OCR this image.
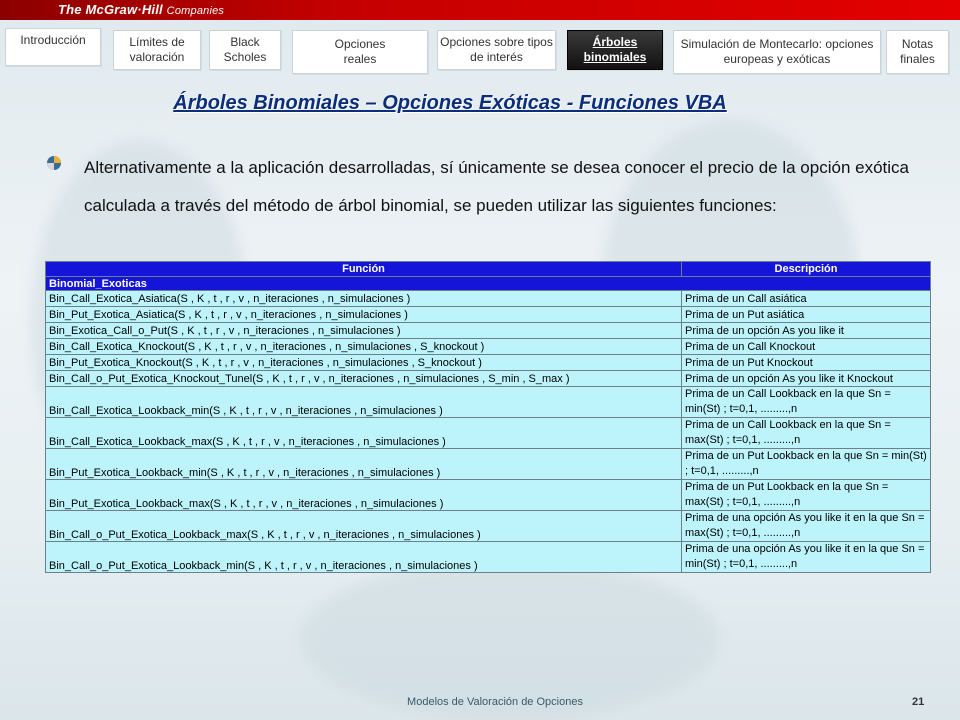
The McGraw·Hill Companies
Introducción	Límites de valoración
Black Scholes
Opciones reales
Opciones sobre tipos de interés
Árboles binomiales
Simulación de Montecarlo: opciones europeas y exóticas
Notas finales
Árboles Binomiales – Opciones Exóticas - Funciones VBA
Alternativamente a la aplicación desarrolladas, sí únicamente se desea conocer el precio de la opción exótica calculada a través del método de árbol binomial, se pueden utilizar las siguientes funciones:
Función	Descripción
Binomial_Exoticas	
Bin_Call_Exotica_Asiatica(S , K , t , r , v , n_iteraciones , n_simulaciones )	Prima de un Call asiática
Bin_Put_Exotica_Asiatica(S , K , t , r , v , n_iteraciones , n_simulaciones )	Prima de un Put asiática
Bin_Exotica_Call_o_Put(S , K , t , r , v , n_iteraciones , n_simulaciones )	Prima de un opción As you like it
Bin_Call_Exotica_Knockout(S , K , t , r , v , n_iteraciones , n_simulaciones , S_knockout )	Prima de un Call Knockout
Bin_Put_Exotica_Knockout(S , K , t , r , v , n_iteraciones , n_simulaciones , S_knockout )	Prima de un Put Knockout
Bin_Call_o_Put_Exotica_Knockout_Tunel(S , K , t , r , v , n_iteraciones , n_simulaciones , S_min , S_max )	Prima de un opción As you like it Knockout
Bin_Call_Exotica_Lookback_min(S , K , t , r , v , n_iteraciones , n_simulaciones )	Prima de un Call Lookback en la que Sn = min(St) ; t=0,1, .........,n
Bin_Call_Exotica_Lookback_max(S , K , t , r , v , n_iteraciones , n_simulaciones )	Prima de un Call Lookback en la que Sn = max(St) ; t=0,1, .........,n
Bin_Put_Exotica_Lookback_min(S , K , t , r , v , n_iteraciones , n_simulaciones )	Prima de un Put Lookback en la que Sn = min(St) ; t=0,1, .........,n
Bin_Put_Exotica_Lookback_max(S , K , t , r , v , n_iteraciones , n_simulaciones )	Prima de un Put Lookback en la que Sn = max(St) ; t=0,1, .........,n
Bin_Call_o_Put_Exotica_Lookback_max(S , K , t , r , v , n_iteraciones , n_simulaciones )	Prima de una opción As you like it en la que Sn = max(St) ; t=0,1, .........,n
Bin_Call_o_Put_Exotica_Lookback_min(S , K , t , r , v , n_iteraciones , n_simulaciones )	Prima de una opción As you like it en la que Sn = min(St) ; t=0,1, .........,n
Modelos de Valoración de Opciones	21
